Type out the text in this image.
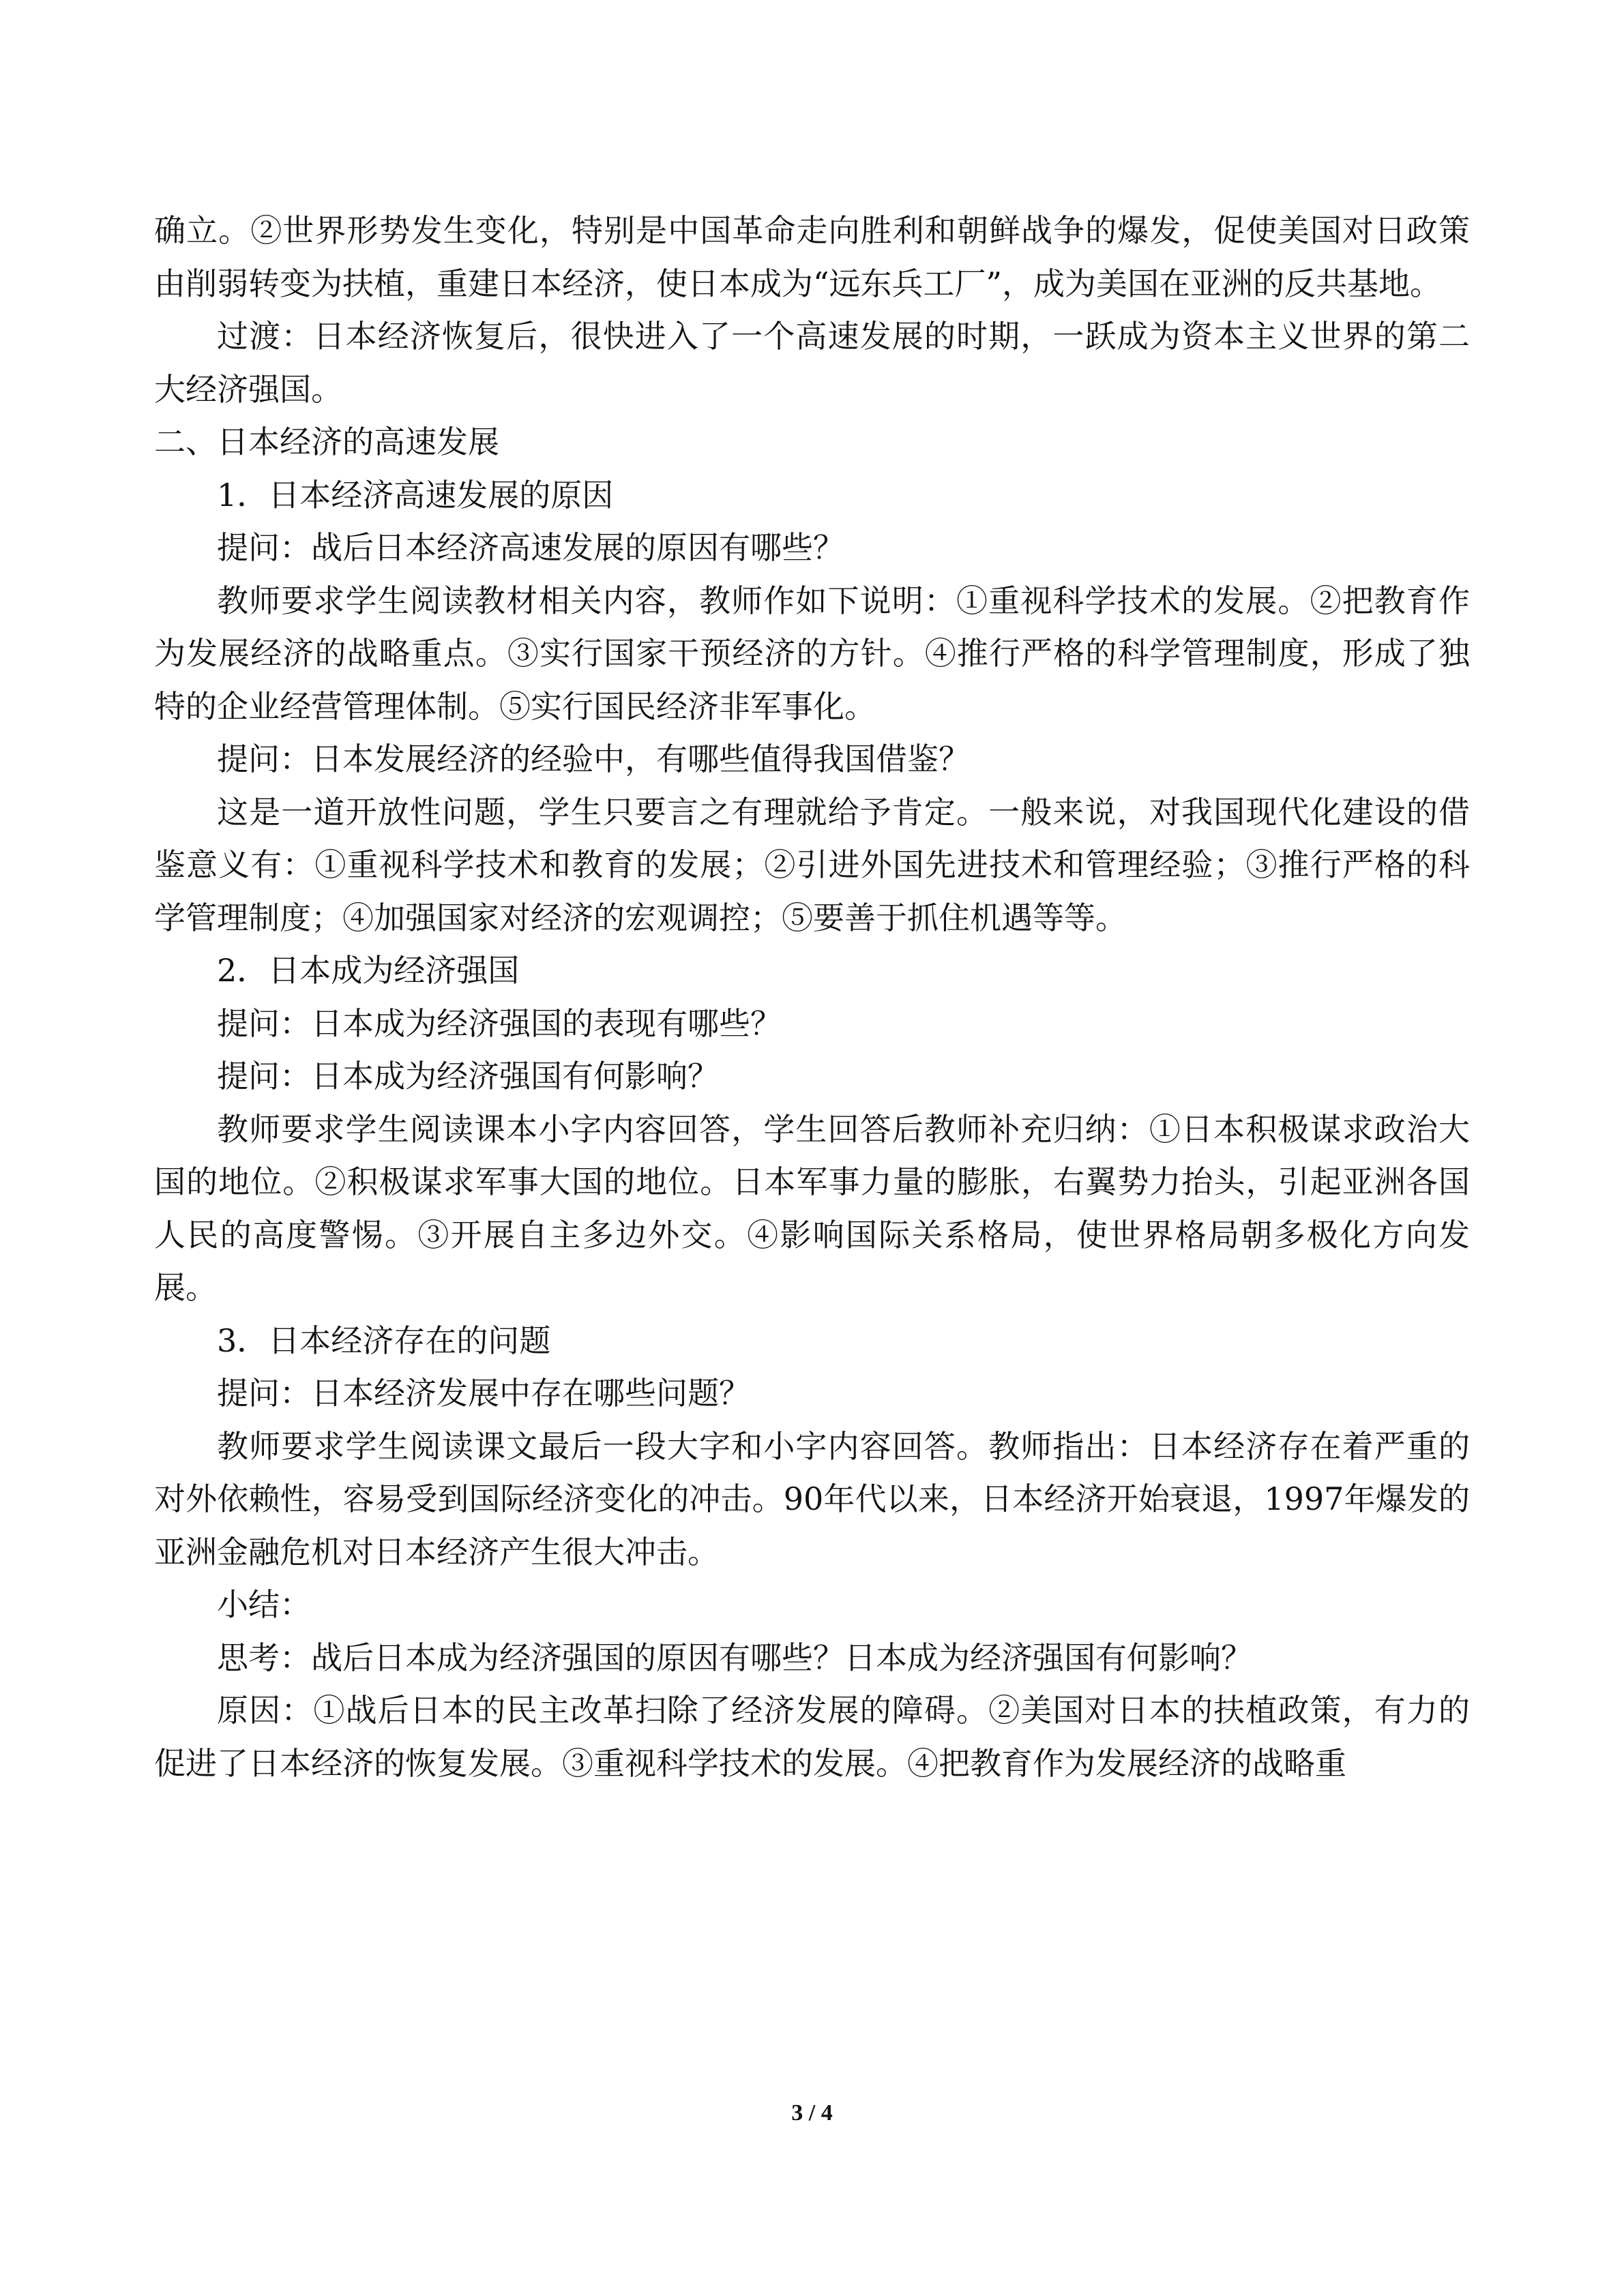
确立。②世界形势发生变化，特别是中国革命走向胜利和朝鲜战争的爆发，促使美国对日政策由削弱转变为扶植，重建日本经济，使日本成为“远东兵工厂”，成为美国在亚洲的反共基地。

过渡：日本经济恢复后，很快进入了一个高速发展的时期，一跃成为资本主义世界的第二大经济强国。

二、日本经济的高速发展

1．日本经济高速发展的原因

提问：战后日本经济高速发展的原因有哪些？

教师要求学生阅读教材相关内容，教师作如下说明：①重视科学技术的发展。②把教育作为发展经济的战略重点。③实行国家干预经济的方针。④推行严格的科学管理制度，形成了独特的企业经营管理体制。⑤实行国民经济非军事化。

提问：日本发展经济的经验中，有哪些值得我国借鉴？

这是一道开放性问题，学生只要言之有理就给予肯定。一般来说，对我国现代化建设的借鉴意义有：①重视科学技术和教育的发展；②引进外国先进技术和管理经验；③推行严格的科学管理制度；④加强国家对经济的宏观调控；⑤要善于抓住机遇等等。

2．日本成为经济强国

提问：日本成为经济强国的表现有哪些？

提问：日本成为经济强国有何影响？

教师要求学生阅读课本小字内容回答，学生回答后教师补充归纳：①日本积极谋求政治大国的地位。②积极谋求军事大国的地位。日本军事力量的膨胀，右翼势力抬头，引起亚洲各国人民的高度警惕。③开展自主多边外交。④影响国际关系格局，使世界格局朝多极化方向发展。

3．日本经济存在的问题

提问：日本经济发展中存在哪些问题？

教师要求学生阅读课文最后一段大字和小字内容回答。教师指出：日本经济存在着严重的对外依赖性，容易受到国际经济变化的冲击。90年代以来，日本经济开始衰退，1997年爆发的亚洲金融危机对日本经济产生很大冲击。

小结：

思考：战后日本成为经济强国的原因有哪些？日本成为经济强国有何影响？

原因：①战后日本的民主改革扫除了经济发展的障碍。②美国对日本的扶植政策，有力的促进了日本经济的恢复发展。③重视科学技术的发展。④把教育作为发展经济的战略重

3 / 4
